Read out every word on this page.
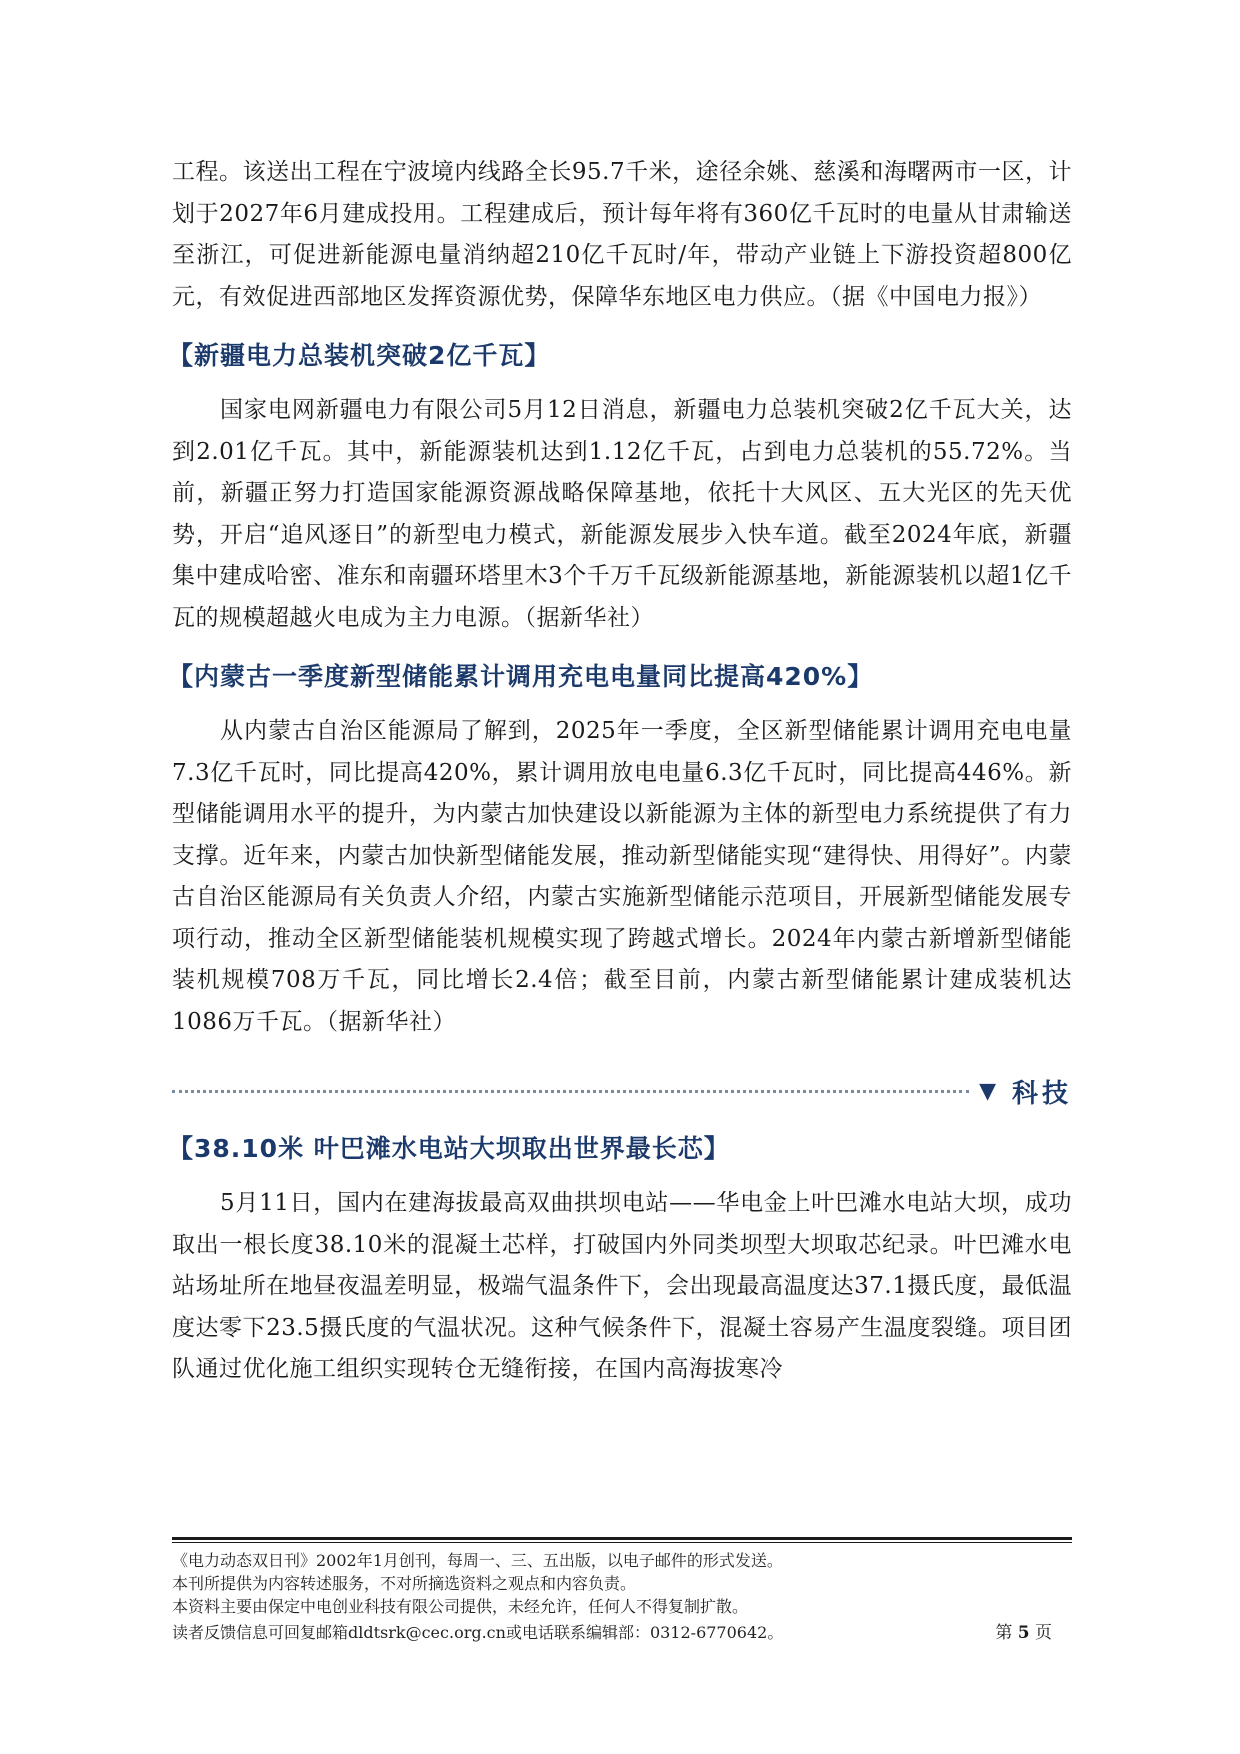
工程。该送出工程在宁波境内线路全长95.7千米，途径余姚、慈溪和海曙两市一区，计划于2027年6月建成投用。工程建成后，预计每年将有360亿千瓦时的电量从甘肃输送至浙江，可促进新能源电量消纳超210亿千瓦时/年，带动产业链上下游投资超800亿元，有效促进西部地区发挥资源优势，保障华东地区电力供应。（据《中国电力报》）

【新疆电力总装机突破2亿千瓦】

国家电网新疆电力有限公司5月12日消息，新疆电力总装机突破2亿千瓦大关，达到2.01亿千瓦。其中，新能源装机达到1.12亿千瓦，占到电力总装机的55.72%。当前，新疆正努力打造国家能源资源战略保障基地，依托十大风区、五大光区的先天优势，开启“追风逐日”的新型电力模式，新能源发展步入快车道。截至2024年底，新疆集中建成哈密、准东和南疆环塔里木3个千万千瓦级新能源基地，新能源装机以超1亿千瓦的规模超越火电成为主力电源。（据新华社）

【内蒙古一季度新型储能累计调用充电电量同比提高420%】

从内蒙古自治区能源局了解到，2025年一季度，全区新型储能累计调用充电电量7.3亿千瓦时，同比提高420%，累计调用放电电量6.3亿千瓦时，同比提高446%。新型储能调用水平的提升，为内蒙古加快建设以新能源为主体的新型电力系统提供了有力支撑。近年来，内蒙古加快新型储能发展，推动新型储能实现“建得快、用得好”。内蒙古自治区能源局有关负责人介绍，内蒙古实施新型储能示范项目，开展新型储能发展专项行动，推动全区新型储能装机规模实现了跨越式增长。2024年内蒙古新增新型储能装机规模708万千瓦，同比增长2.4倍；截至目前，内蒙古新型储能累计建成装机达1086万千瓦。（据新华社）

▼ 科技
【38.10米 叶巴滩水电站大坝取出世界最长芯】

5月11日，国内在建海拔最高双曲拱坝电站——华电金上叶巴滩水电站大坝，成功取出一根长度38.10米的混凝土芯样，打破国内外同类坝型大坝取芯纪录。叶巴滩水电站场址所在地昼夜温差明显，极端气温条件下，会出现最高温度达37.1摄氏度，最低温度达零下23.5摄氏度的气温状况。这种气候条件下，混凝土容易产生温度裂缝。项目团队通过优化施工组织实现转仓无缝衔接，在国内高海拔寒冷

《电力动态双日刊》2002年1月创刊，每周一、三、五出版，以电子邮件的形式发送。

本刊所提供为内容转述服务，不对所摘选资料之观点和内容负责。

本资料主要由保定中电创业科技有限公司提供，未经允许，任何人不得复制扩散。

读者反馈信息可回复邮箱dldtsrk@cec.org.cn或电话联系编辑部：0312-6770642。	第 5 页
